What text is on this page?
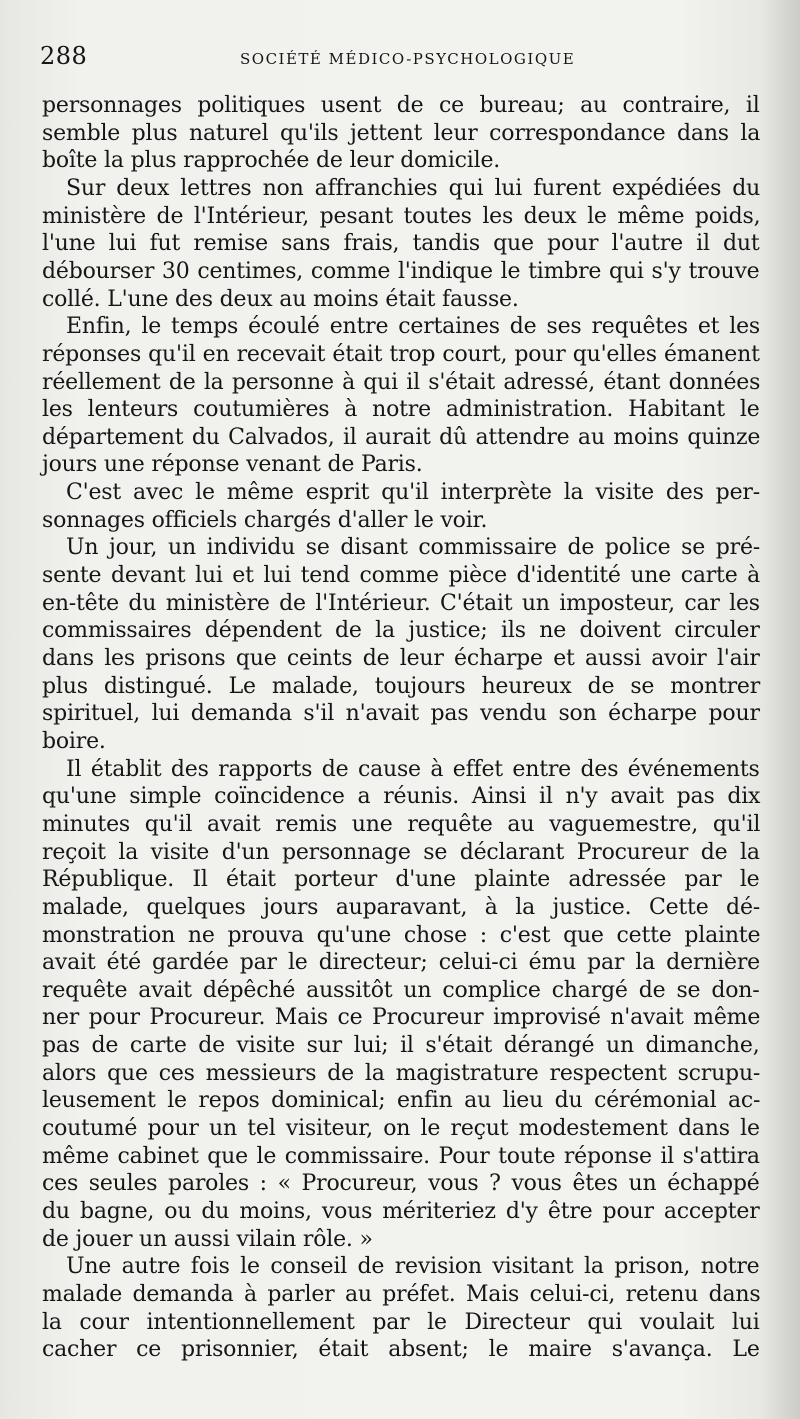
288	SOCIÉTÉ MÉDICO-PSYCHOLOGIQUE
personnages politiques usent de ce bureau; au contraire, il
semble plus naturel qu'ils jettent leur correspondance dans la
boîte la plus rapprochée de leur domicile.
Sur deux lettres non affranchies qui lui furent expédiées du
ministère de l'Intérieur, pesant toutes les deux le même poids,
l'une lui fut remise sans frais, tandis que pour l'autre il dut
débourser 30 centimes, comme l'indique le timbre qui s'y trouve
collé. L'une des deux au moins était fausse.
Enfin, le temps écoulé entre certaines de ses requêtes et les
réponses qu'il en recevait était trop court, pour qu'elles émanent
réellement de la personne à qui il s'était adressé, étant données
les lenteurs coutumières à notre administration. Habitant le
département du Calvados, il aurait dû attendre au moins quinze
jours une réponse venant de Paris.
C'est avec le même esprit qu'il interprète la visite des per-
sonnages officiels chargés d'aller le voir.
Un jour, un individu se disant commissaire de police se pré-
sente devant lui et lui tend comme pièce d'identité une carte à
en-tête du ministère de l'Intérieur. C'était un imposteur, car les
commissaires dépendent de la justice; ils ne doivent circuler
dans les prisons que ceints de leur écharpe et aussi avoir l'air
plus distingué. Le malade, toujours heureux de se montrer
spirituel, lui demanda s'il n'avait pas vendu son écharpe pour
boire.
Il établit des rapports de cause à effet entre des événements
qu'une simple coïncidence a réunis. Ainsi il n'y avait pas dix
minutes qu'il avait remis une requête au vaguemestre, qu'il
reçoit la visite d'un personnage se déclarant Procureur de la
République. Il était porteur d'une plainte adressée par le
malade, quelques jours auparavant, à la justice. Cette dé-
monstration ne prouva qu'une chose : c'est que cette plainte
avait été gardée par le directeur; celui-ci ému par la dernière
requête avait dépêché aussitôt un complice chargé de se don-
ner pour Procureur. Mais ce Procureur improvisé n'avait même
pas de carte de visite sur lui; il s'était dérangé un dimanche,
alors que ces messieurs de la magistrature respectent scrupu-
leusement le repos dominical; enfin au lieu du cérémonial ac-
coutumé pour un tel visiteur, on le reçut modestement dans le
même cabinet que le commissaire. Pour toute réponse il s'attira
ces seules paroles : « Procureur, vous ? vous êtes un échappé
du bagne, ou du moins, vous mériteriez d'y être pour accepter
de jouer un aussi vilain rôle. »
Une autre fois le conseil de revision visitant la prison, notre
malade demanda à parler au préfet. Mais celui-ci, retenu dans
la cour intentionnellement par le Directeur qui voulait lui
cacher ce prisonnier, était absent; le maire s'avança. Le
